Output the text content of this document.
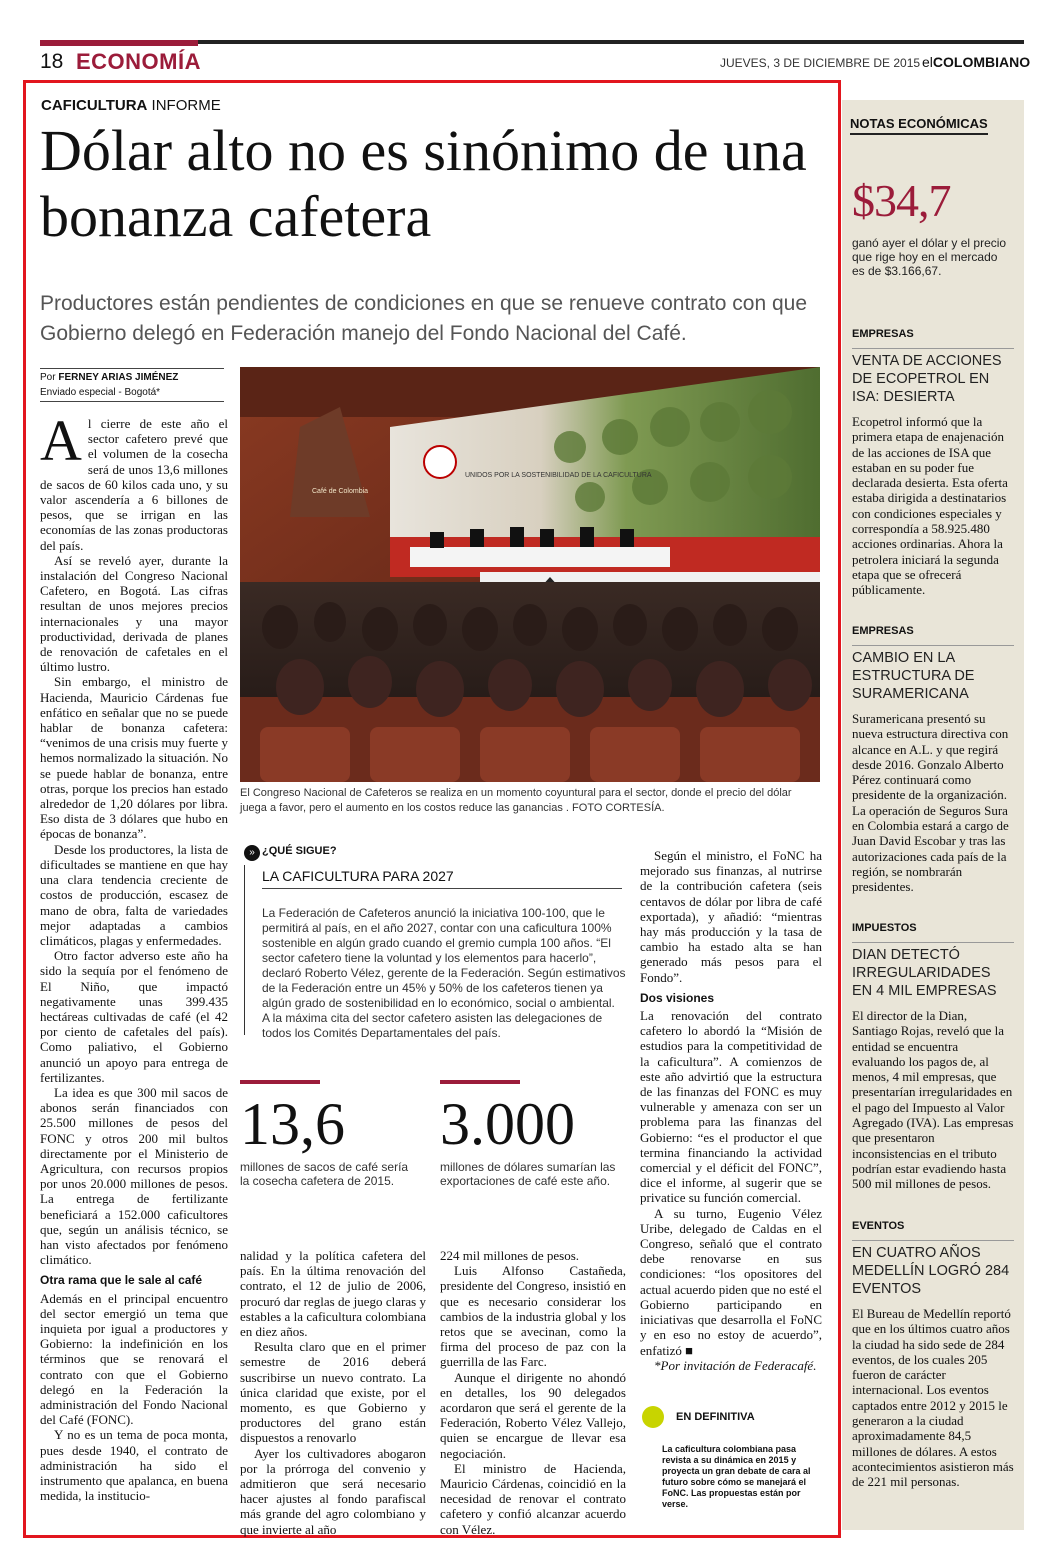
18 ECONOMÍA	JUEVES, 3 DE DICIEMBRE DE 2015 elCOLOMBIANO
CAFICULTURA INFORME
Dólar alto no es sinónimo de una bonanza cafetera
Productores están pendientes de condiciones en que se renueve contrato con que Gobierno delegó en Federación manejo del Fondo Nacional del Café.
Por FERNEY ARIAS JIMÉNEZ
Enviado especial - Bogotá*
UNIDOS POR LA SOSTENIBILIDAD DE LA CAFICULTURA
Café de Colombia
El Congreso Nacional de Cafeteros se realiza en un momento coyuntural para el sector, donde el precio del dólar juega a favor, pero el aumento en los costos reduce las ganancias . FOTO CORTESÍA.

Al cierre de este año el sector cafetero prevé que el volumen de la cosecha será de unos 13,6 millones de sacos de 60 kilos cada uno, y su valor ascendería a 6 billones de pesos, que se irrigan en las economías de las zonas productoras del país.

Así se reveló ayer, durante la instalación del Congreso Nacional Cafetero, en Bogotá. Las cifras resultan de unos mejores precios internacionales y una mayor productividad, derivada de planes de renovación de cafetales en el último lustro.

Sin embargo, el ministro de Hacienda, Mauricio Cárdenas fue enfático en señalar que no se puede hablar de bonanza cafetera: “venimos de una crisis muy fuerte y hemos normalizado la situación. No se puede hablar de bonanza, entre otras, porque los precios han estado alrededor de 1,20 dólares por libra. Eso dista de 3 dólares que hubo en épocas de bonanza”.

Desde los productores, la lista de dificultades se mantiene en que hay una clara tendencia creciente de costos de producción, escasez de mano de obra, falta de variedades mejor adaptadas a cambios climáticos, plagas y enfermedades.

Otro factor adverso este año ha sido la sequía por el fenómeno de El Niño, que impactó negativamente unas 399.435 hectáreas cultivadas de café (el 42 por ciento de cafetales del país). Como paliativo, el Gobierno anunció un apoyo para entrega de fertilizantes.

La idea es que 300 mil sacos de abonos serán financiados con 25.500 millones de pesos del FONC y otros 200 mil bultos directamente por el Ministerio de Agricultura, con recursos propios por unos 20.000 millones de pesos. La entrega de fertilizante beneficiará a 152.000 caficultores que, según un análisis técnico, se han visto afectados por fenómeno climático.

Otra rama que le sale al café

Además en el principal encuentro del sector emergió un tema que inquieta por igual a productores y Gobierno: la indefinición en los términos que se renovará el contrato con que el Gobierno delegó en la Federación la administración del Fondo Nacional del Café (FONC).

Y no es un tema de poca monta, pues desde 1940, el contrato de administración ha sido el instrumento que apalanca, en buena medida, la institucio-

» ¿QUÉ SIGUE?
LA CAFICULTURA PARA 2027
La Federación de Cafeteros anunció la iniciativa 100-100, que le permitirá al país, en el año 2027, contar con una caficultura 100% sostenible en algún grado cuando el gremio cumpla 100 años. “El sector cafetero tiene la voluntad y los elementos para hacerlo”, declaró Roberto Vélez, gerente de la Federación. Según estimativos de la Federación entre un 45% y 50% de los cafeteros tienen ya algún grado de sostenibilidad en lo económico, social o ambiental.
A la máxima cita del sector cafetero asisten las delegaciones de todos los Comités Departamentales del país.
13,6
millones de sacos de café sería la cosecha cafetera de 2015.
3.000
millones de dólares sumarían las exportaciones de café este año.

nalidad y la política cafetera del país. En la última renovación del contrato, el 12 de julio de 2006, procuró dar reglas de juego claras y estables a la caficultura colombiana en diez años.

Resulta claro que en el primer semestre de 2016 deberá suscribirse un nuevo contrato. La única claridad que existe, por el momento, es que Gobierno y productores del grano están dispuestos a renovarlo

Ayer los cultivadores abogaron por la prórroga del convenio y admitieron que será necesario hacer ajustes al fondo parafiscal más grande del agro colombiano y que invierte al año

224 mil millones de pesos.

Luis Alfonso Castañeda, presidente del Congreso, insistió en que es necesario considerar los cambios de la industria global y los retos que se avecinan, como la firma del proceso de paz con la guerrilla de las Farc.

Aunque el dirigente no ahondó en detalles, los 90 delegados acordaron que será el gerente de la Federación, Roberto Vélez Vallejo, quien se encargue de llevar esa negociación.

El ministro de Hacienda, Mauricio Cárdenas, coincidió en la necesidad de renovar el contrato cafetero y confió alcanzar acuerdo con Vélez.

Según el ministro, el FoNC ha mejorado sus finanzas, al nutrirse de la contribución cafetera (seis centavos de dólar por libra de café exportada), y añadió: “mientras hay más producción y la tasa de cambio ha estado alta se han generado más pesos para el Fondo”.

Dos visiones

La renovación del contrato cafetero lo abordó la “Misión de estudios para la competitividad de la caficultura”. A comienzos de este año advirtió que la estructura de las finanzas del FONC es muy vulnerable y amenaza con ser un problema para las finanzas del Gobierno: “es el productor el que termina financiando la actividad comercial y el déficit del FONC”, dice el informe, al sugerir que se privatice su función comercial.

A su turno, Eugenio Vélez Uribe, delegado de Caldas en el Congreso, señaló que el contrato debe renovarse en sus condiciones: “los opositores del actual acuerdo piden que no esté el Gobierno participando en iniciativas que desarrolla el FoNC y en eso no estoy de acuerdo”, enfatizó ■

*Por invitación de Federacafé.

EN DEFINITIVA
La caficultura colombiana pasa revista a su dinámica en 2015 y proyecta un gran debate de cara al futuro sobre cómo se manejará el FoNC. Las propuestas están por verse.
NOTAS ECONÓMICAS
$34,7
ganó ayer el dólar y el precio que rige hoy en el mercado es de $3.166,67.
EMPRESAS
VENTA DE ACCIONES DE ECOPETROL EN ISA: DESIERTA
Ecopetrol informó que la primera etapa de enajenación de las acciones de ISA que estaban en su poder fue declarada desierta. Esta oferta estaba dirigida a destinatarios con condiciones especiales y correspondía a 58.925.480 acciones ordinarias. Ahora la petrolera iniciará la segunda etapa que se ofrecerá públicamente.
EMPRESAS
CAMBIO EN LA ESTRUCTURA DE SURAMERICANA
Suramericana presentó su nueva estructura directiva con alcance en A.L. y que regirá desde 2016. Gonzalo Alberto Pérez continuará como presidente de la organización. La operación de Seguros Sura en Colombia estará a cargo de Juan David Escobar y tras las autorizaciones cada país de la región, se nombrarán presidentes.
IMPUESTOS
DIAN DETECTÓ IRREGULARIDADES EN 4 MIL EMPRESAS
El director de la Dian, Santiago Rojas, reveló que la entidad se encuentra evaluando los pagos de, al menos, 4 mil empresas, que presentarían irregularidades en el pago del Impuesto al Valor Agregado (IVA). Las empresas que presentaron inconsistencias en el tributo podrían estar evadiendo hasta 500 mil millones de pesos.
EVENTOS
EN CUATRO AÑOS MEDELLÍN LOGRÓ 284 EVENTOS
El Bureau de Medellín reportó que en los últimos cuatro años la ciudad ha sido sede de 284 eventos, de los cuales 205 fueron de carácter internacional. Los eventos captados entre 2012 y 2015 le generaron a la ciudad aproximadamente 84,5 millones de dólares. A estos acontecimientos asistieron más de 221 mil personas.
